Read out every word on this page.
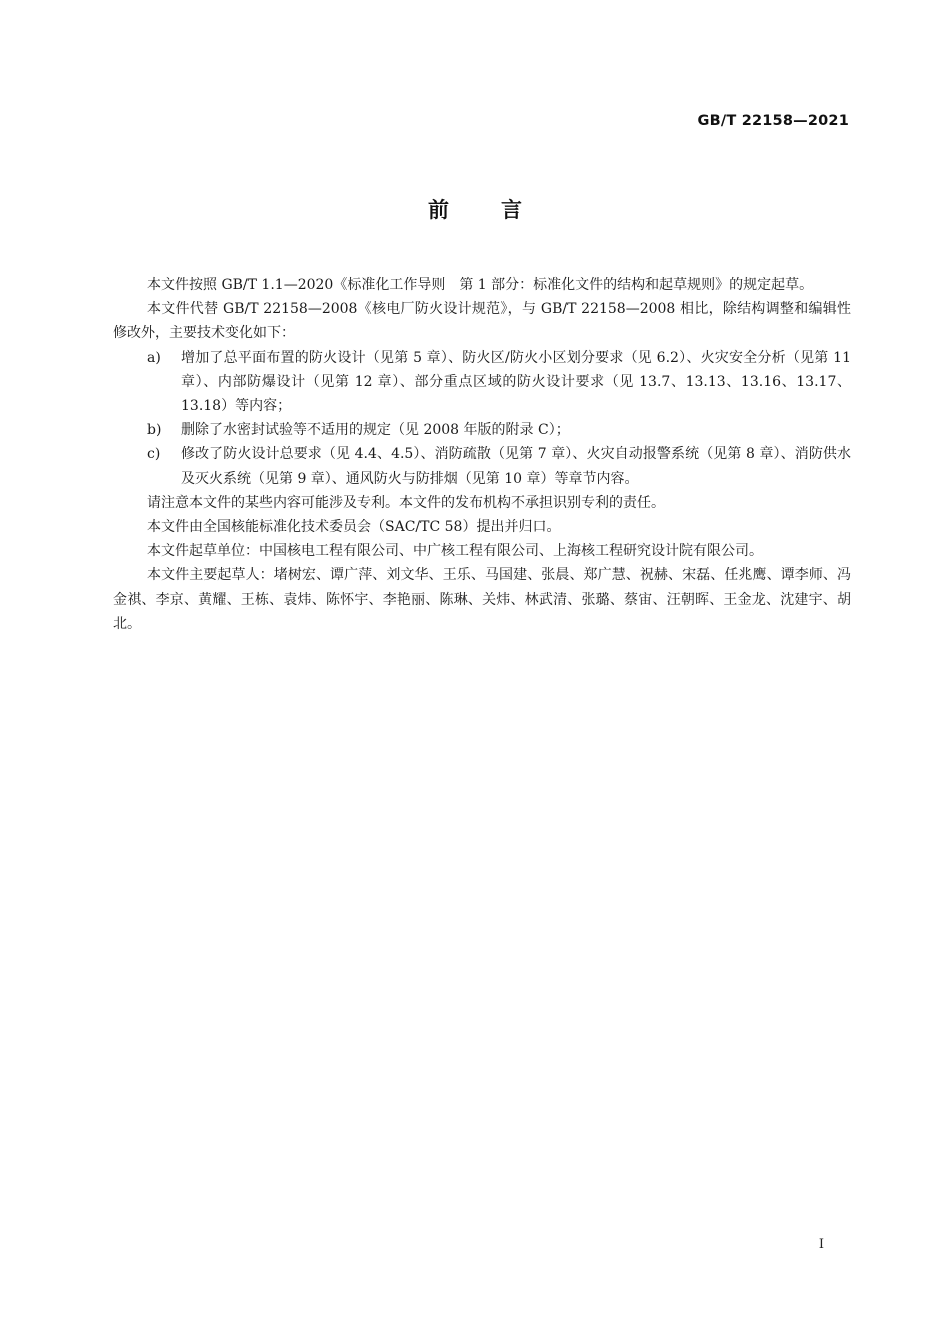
GB/T 22158—2021
前言

本文件按照 GB/T 1.1—2020《标准化工作导则　第 1 部分：标准化文件的结构和起草规则》的规定起草。

本文件代替 GB/T 22158—2008《核电厂防火设计规范》，与 GB/T 22158—2008 相比，除结构调整和编辑性修改外，主要技术变化如下：

a)	增加了总平面布置的防火设计（见第 5 章）、防火区/防火小区划分要求（见 6.2）、火灾安全分析（见第 11 章）、内部防爆设计（见第 12 章）、部分重点区域的防火设计要求（见 13.7、13.13、13.16、13.17、13.18）等内容；
b)	删除了水密封试验等不适用的规定（见 2008 年版的附录 C）；
c)	修改了防火设计总要求（见 4.4、4.5）、消防疏散（见第 7 章）、火灾自动报警系统（见第 8 章）、消防供水及灭火系统（见第 9 章）、通风防火与防排烟（见第 10 章）等章节内容。

请注意本文件的某些内容可能涉及专利。本文件的发布机构不承担识别专利的责任。

本文件由全国核能标准化技术委员会（SAC/TC 58）提出并归口。

本文件起草单位：中国核电工程有限公司、中广核工程有限公司、上海核工程研究设计院有限公司。

本文件主要起草人：堵树宏、谭广萍、刘文华、王乐、马国建、张晨、郑广慧、祝赫、宋磊、任兆鹰、谭李师、冯金祺、李京、黄耀、王栋、袁炜、陈怀宇、李艳丽、陈琳、关炜、林武清、张璐、蔡宙、汪朝晖、王金龙、沈建宇、胡北。

I
